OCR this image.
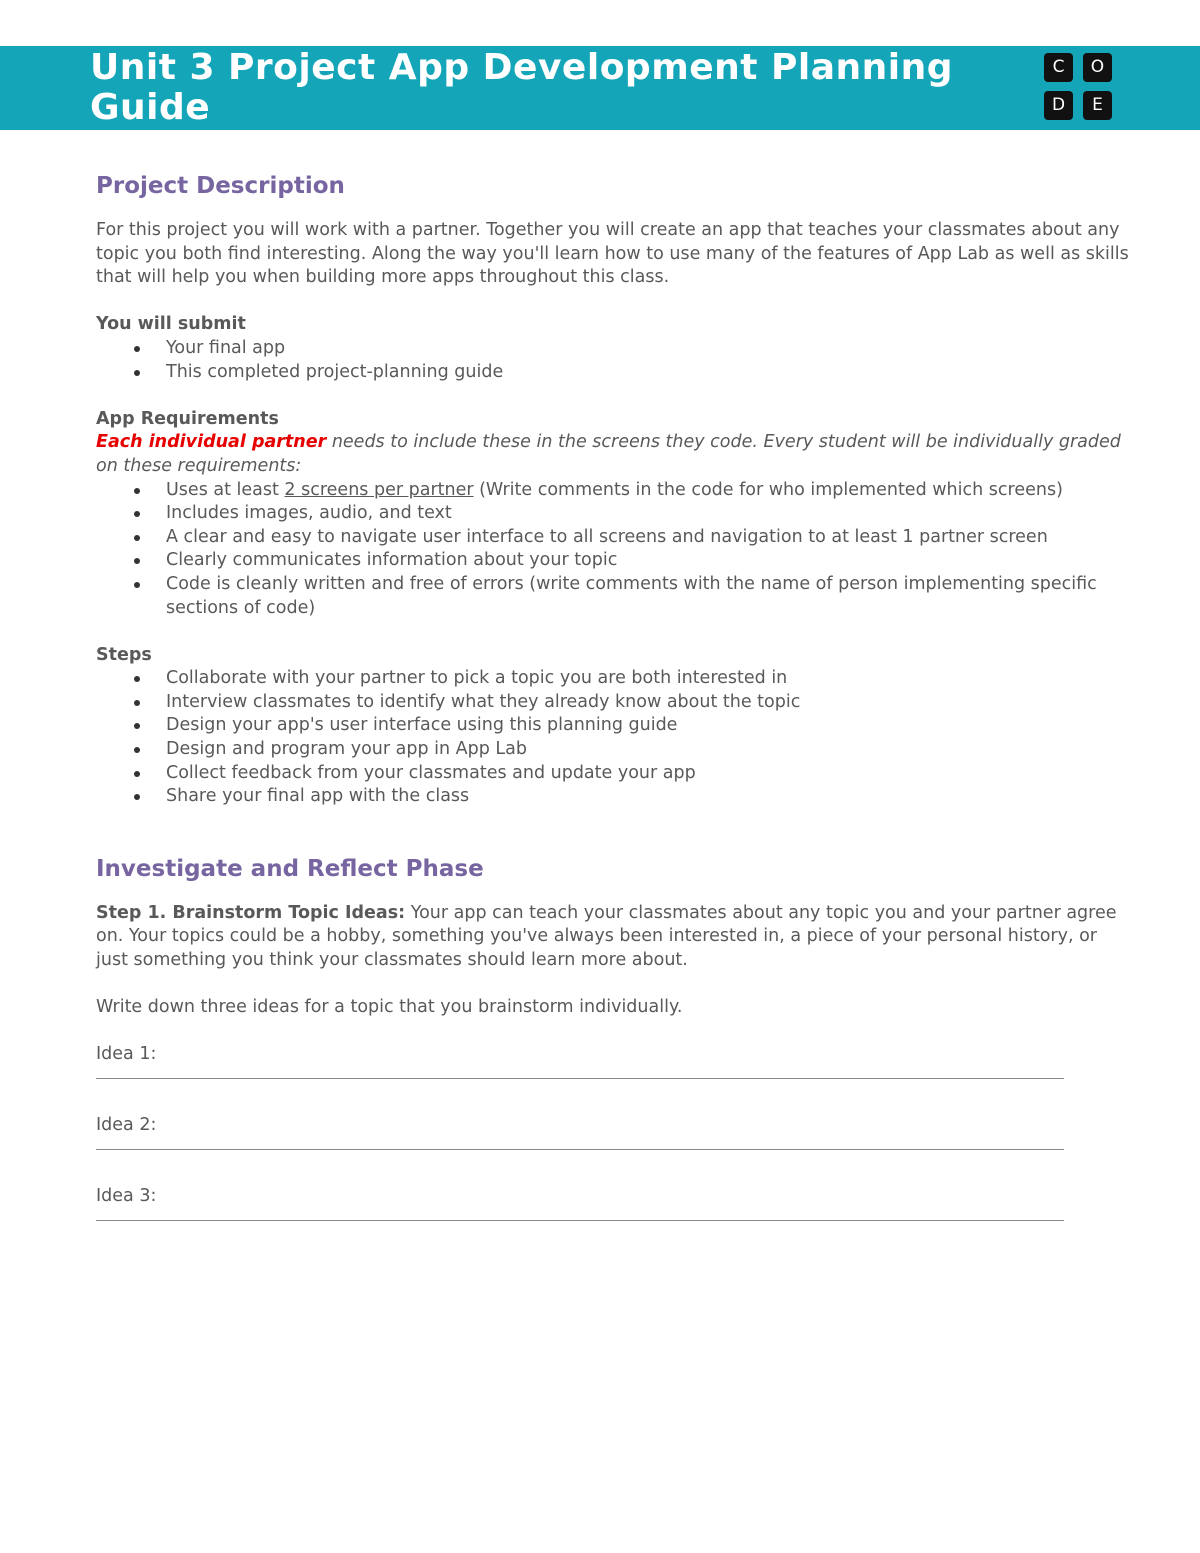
Unit 3 Project App Development Planning Guide
C	O
D	E
Project Description

For this project you will work with a partner. Together you will create an app that teaches your classmates about any topic you both find interesting. Along the way you'll learn how to use many of the features of App Lab as well as skills that will help you when building more apps throughout this class.

You will submit

Your final app
This completed project-planning guide

App Requirements

Each individual partner needs to include these in the screens they code. Every student will be individually graded on these requirements:

Uses at least 2 screens per partner (Write comments in the code for who implemented which screens)
Includes images, audio, and text
A clear and easy to navigate user interface to all screens and navigation to at least 1 partner screen
Clearly communicates information about your topic
Code is cleanly written and free of errors (write comments with the name of person implementing specific sections of code)

Steps

Collaborate with your partner to pick a topic you are both interested in
Interview classmates to identify what they already know about the topic
Design your app's user interface using this planning guide
Design and program your app in App Lab
Collect feedback from your classmates and update your app
Share your final app with the class
Investigate and Reflect Phase

Step 1. Brainstorm Topic Ideas: Your app can teach your classmates about any topic you and your partner agree on. Your topics could be a hobby, something you've always been interested in, a piece of your personal history, or just something you think your classmates should learn more about.

Write down three ideas for a topic that you brainstorm individually.

Idea 1:
Idea 2:
Idea 3:
